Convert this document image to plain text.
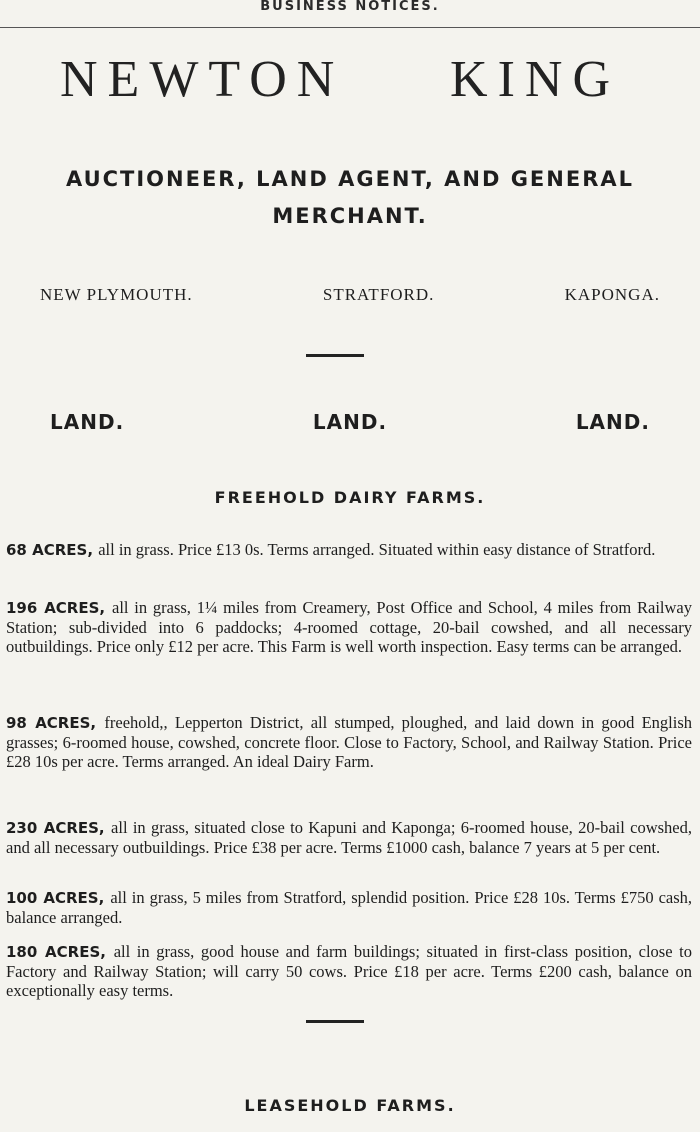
BUSINESS NOTICES.
NEWTON KING
AUCTIONEER, LAND AGENT, AND GENERAL
MERCHANT.
NEW PLYMOUTH.	STRATFORD.	KAPONGA.
LAND.	LAND.	LAND.
FREEHOLD DAIRY FARMS.
68 ACRES, all in grass. Price £13 0s. Terms arranged. Situated within easy distance of Stratford.
196 ACRES, all in grass, 1¼ miles from Creamery, Post Office and School, 4 miles from Railway Station; sub-divided into 6 paddocks; 4-roomed cottage, 20-bail cowshed, and all necessary outbuildings. Price only £12 per acre. This Farm is well worth inspection. Easy terms can be arranged.
98 ACRES, freehold,, Lepperton District, all stumped, ploughed, and laid down in good English grasses; 6-roomed house, cowshed, concrete floor. Close to Factory, School, and Railway Station. Price £28 10s per acre. Terms arranged. An ideal Dairy Farm.
230 ACRES, all in grass, situated close to Kapuni and Kaponga; 6-roomed house, 20-bail cowshed, and all necessary outbuildings. Price £38 per acre. Terms £1000 cash, balance 7 years at 5 per cent.
100 ACRES, all in grass, 5 miles from Stratford, splendid position. Price £28 10s. Terms £750 cash, balance arranged.
180 ACRES, all in grass, good house and farm buildings; situated in first-class position, close to Factory and Railway Station; will carry 50 cows. Price £18 per acre. Terms £200 cash, balance on exceptionally easy terms.
LEASEHOLD FARMS.
